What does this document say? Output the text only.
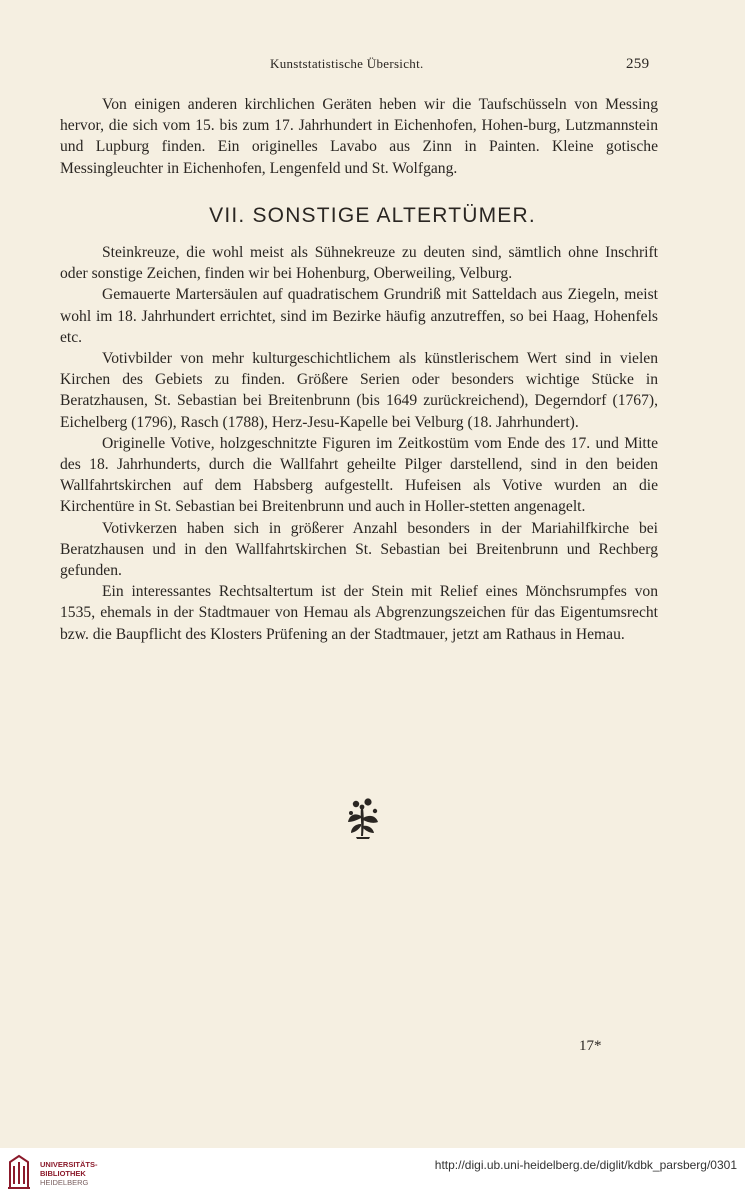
Kunststatistische Übersicht.	259

Von einigen anderen kirchlichen Geräten heben wir die Taufschüsseln von Messing hervor, die sich vom 15. bis zum 17. Jahrhundert in Eichenhofen, Hohen-burg, Lutzmannstein und Lupburg finden. Ein originelles Lavabo aus Zinn in Painten. Kleine gotische Messingleuchter in Eichenhofen, Lengenfeld und St. Wolfgang.

VII. SONSTIGE ALTERTÜMER.

Steinkreuze, die wohl meist als Sühnekreuze zu deuten sind, sämtlich ohne Inschrift oder sonstige Zeichen, finden wir bei Hohenburg, Oberweiling, Velburg.

Gemauerte Martersäulen auf quadratischem Grundriß mit Satteldach aus Ziegeln, meist wohl im 18. Jahrhundert errichtet, sind im Bezirke häufig anzutreffen, so bei Haag, Hohenfels etc.

Votivbilder von mehr kulturgeschichtlichem als künstlerischem Wert sind in vielen Kirchen des Gebiets zu finden. Größere Serien oder besonders wichtige Stücke in Beratzhausen, St. Sebastian bei Breitenbrunn (bis 1649 zurückreichend), Degerndorf (1767), Eichelberg (1796), Rasch (1788), Herz-Jesu-Kapelle bei Velburg (18. Jahrhundert).

Originelle Votive, holzgeschnitzte Figuren im Zeitkostüm vom Ende des 17. und Mitte des 18. Jahrhunderts, durch die Wallfahrt geheilte Pilger darstellend, sind in den beiden Wallfahrtskirchen auf dem Habsberg aufgestellt. Hufeisen als Votive wurden an die Kirchentüre in St. Sebastian bei Breitenbrunn und auch in Holler-stetten angenagelt.

Votivkerzen haben sich in größerer Anzahl besonders in der Mariahilfkirche bei Beratzhausen und in den Wallfahrtskirchen St. Sebastian bei Breitenbrunn und Rechberg gefunden.

Ein interessantes Rechtsaltertum ist der Stein mit Relief eines Mönchsrumpfes von 1535, ehemals in der Stadtmauer von Hemau als Abgrenzungszeichen für das Eigentumsrecht bzw. die Baupflicht des Klosters Prüfening an der Stadtmauer, jetzt am Rathaus in Hemau.

17*
UNIVERSITÄTS-
BIBLIOTHEK
HEIDELBERG
http://digi.ub.uni-heidelberg.de/diglit/kdbk_parsberg/0301
